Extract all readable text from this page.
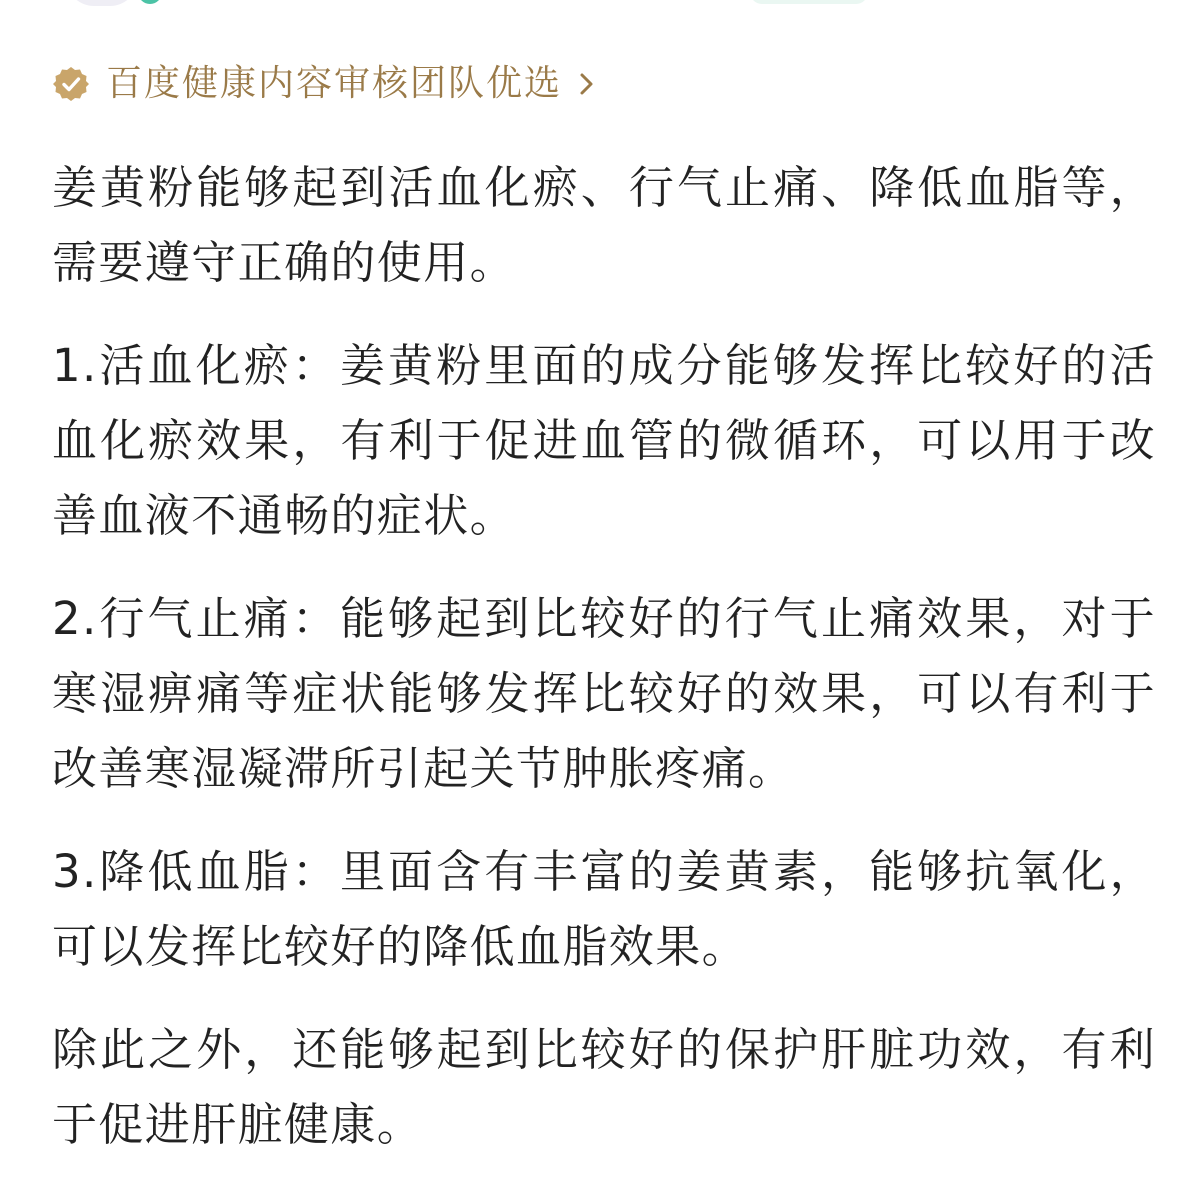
百度健康内容审核团队优选

姜黄粉能够起到活血化瘀、行气止痛、降低血脂等，需要遵守正确的使用。

1.活血化瘀：姜黄粉里面的成分能够发挥比较好的活血化瘀效果，有利于促进血管的微循环，可以用于改善血液不通畅的症状。

2.行气止痛：能够起到比较好的行气止痛效果，对于寒湿痹痛等症状能够发挥比较好的效果，可以有利于改善寒湿凝滞所引起关节肿胀疼痛。

3.降低血脂：里面含有丰富的姜黄素，能够抗氧化，可以发挥比较好的降低血脂效果。

除此之外，还能够起到比较好的保护肝脏功效，有利于促进肝脏健康。
